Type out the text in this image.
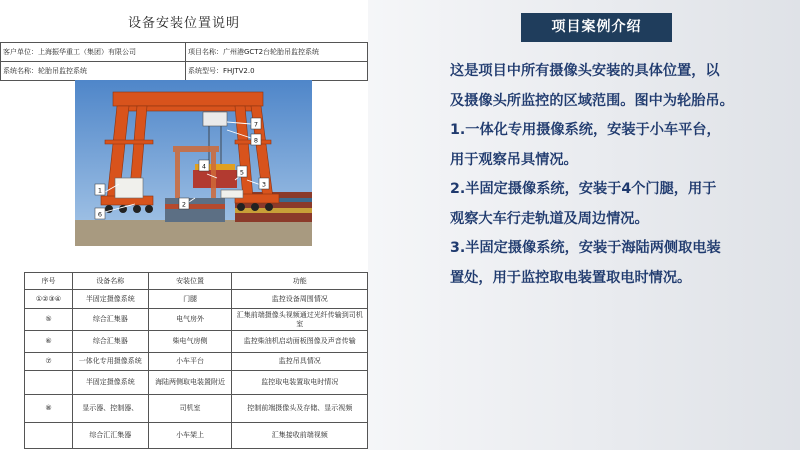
设备安装位置说明
客户单位：上海振华重工（集团）有限公司	项目名称：广州港GCT2台轮胎吊监控系统
系统名称：轮胎吊监控系统	系统型号：FHJTV2.0
1
2
3
4
5
6
7
8
序号	设备名称	安装位置	功能
①②③④	半固定摄像系统	门腿	监控设备周围情况
⑤	综合汇集器	电气房外	汇集前端摄像头视频通过光纤传输到司机室
⑥	综合汇集器	柴电气房侧	监控柴油机启动面板图像及声音传输
⑦	一体化专用摄像系统	小车平台	监控吊具情况
	半固定摄像系统	海陆两侧取电装置附近	监控取电装置取电时情况
⑧	显示器、控制器、	司机室	控制前端摄像头及存储、显示视频
	综合汇汇集器	小车架上	汇集接收前端视频
项目案例介绍

这是项目中所有摄像头安装的具体位置，以
及摄像头所监控的区域范围。图中为轮胎吊。

1.一体化专用摄像系统，安装于小车平台，
用于观察吊具情况。

2.半固定摄像系统，安装于4个门腿，用于
观察大车行走轨道及周边情况。

3.半固定摄像系统，安装于海陆两侧取电装
置处，用于监控取电装置取电时情况。
